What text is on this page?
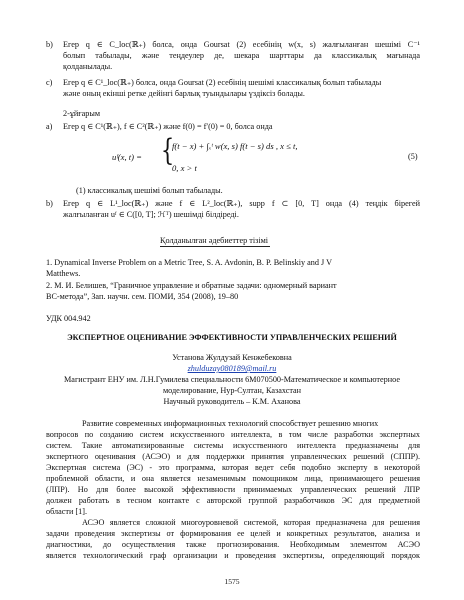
b) Егер q ∈ C_loc(ℝ₊) болса, онда Goursat (2) есебінің w(x, s) жалғыланған шешімі C⁻¹
болып табылады, және теңдеулер де, шекара шарттары да классикалық мағынада
қолданылады.
c) Егер q ∈ C¹_loc(ℝ₊) болса, онда Goursat (2) есебінің шешімі классикалық болып табылады
және оның екінші ретке дейінгі барлық туындылары үздіксіз болады.
2-ұйғарым
a) Егер q ∈ C¹(ℝ₊), f ∈ C²(ℝ₊) және f(0) = f′(0) = 0, болса онда
uᶠ(x, t) = {
f(t − x) + ∫ₓᵗ w(x, s) f(t − s) ds , x ≤ t,
0, x > t
(5)
(1) классикалық шешімі болып табылады.
b) Егер q ∈ L¹_loc(ℝ₊) және f ∈ L²_loc(ℝ₊), supp f ⊂ [0, T] онда (4) теңдік бірегей
жалғыланған uᶠ ∈ C([0, T]; ℋᵀ) шешімді білдіреді.
Қолданылған әдебиеттер тізімі
1. Dynamical Inverse Problem on a Metric Tree, S. A. Avdonin, B. P. Belinskiy and J V
Matthews.
2. М. И. Белишев, “Граничное управление и обратные задачи: одномерный вариант
BC-метода”, Зап. научн. сем. ПОМИ, 354 (2008), 19–80
УДК 004.942
ЭКСПЕРТНОЕ ОЦЕНИВАНИЕ ЭФФЕКТИВНОСТИ УПРАВЛЕНЧЕСКИХ РЕШЕНИЙ
Установа Жулдузай Кенжебековна
zhulduzay080189@mail.ru
Магистрант ЕНУ им. Л.Н.Гумилева специальности 6M070500-Математическое и компьютерное
моделирование, Нур-Султан, Казахстан
Научный руководитель – К.М. Аханова
Развитие современных информационных технологий способствует решению многих
вопросов по созданию систем искусственного интеллекта, в том числе разработки экспертных
систем. Такие автоматизированные системы искусственного интеллекта предназначены для
экспертного оценивания (АСЭО) и для поддержки принятия управленческих решений (СППР).
Экспертная система (ЭС) - это программа, которая ведет себя подобно эксперту в некоторой
проблемной области, и она является незаменимым помощником лица, принимающего решения
(ЛПР). Но для более высокой эффективности принимаемых управленческих решений ЛПР
должен работать в тесном контакте с авторской группой разработчиков ЭС для предметной
области [1].
АСЭО является сложной многоуровневой системой, которая предназначена для решения
задачи проведения экспертизы от формирования ее целей и конкретных результатов, анализа и
диагностики, до осуществления также прогнозирования. Необходимым элементом АСЭО
является технологический граф организации и проведения экспертизы, определяющий порядок
1575
